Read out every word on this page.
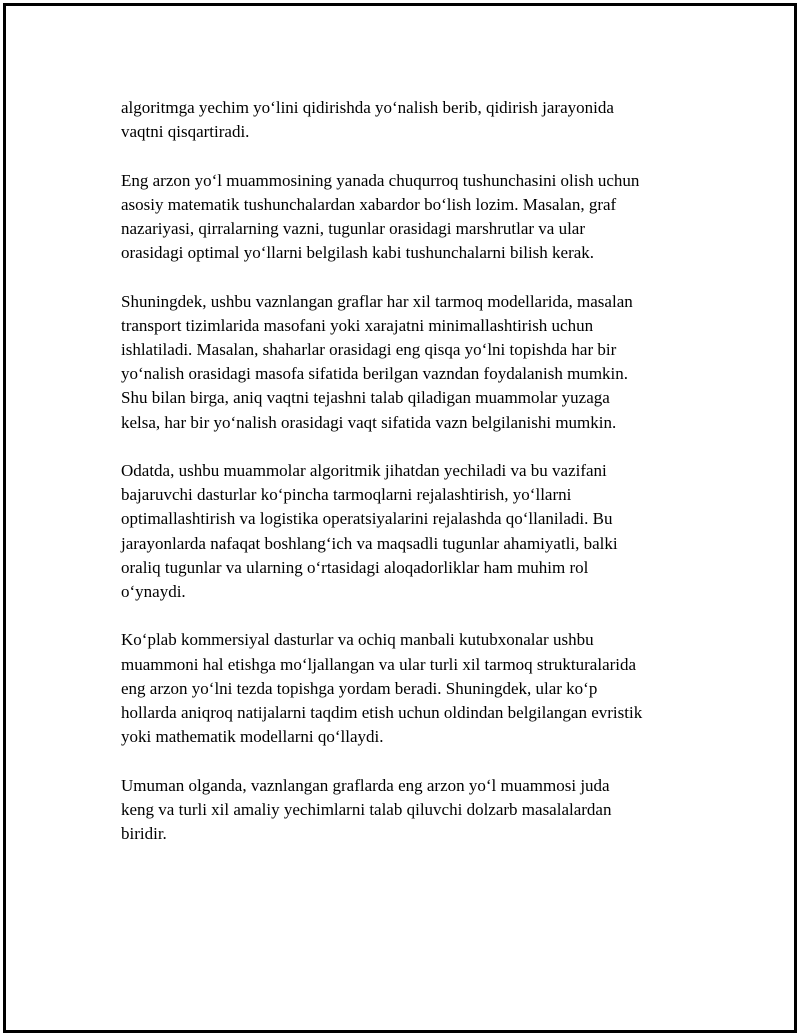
algoritmga yechim yo‘lini qidirishda yo‘nalish berib, qidirish jarayonida
vaqtni qisqartiradi.

Eng arzon yo‘l muammosining yanada chuqurroq tushunchasini olish uchun
asosiy matematik tushunchalardan xabardor bo‘lish lozim. Masalan, graf
nazariyasi, qirralarning vazni, tugunlar orasidagi marshrutlar va ular
orasidagi optimal yo‘llarni belgilash kabi tushunchalarni bilish kerak.

Shuningdek, ushbu vaznlangan graflar har xil tarmoq modellarida, masalan
transport tizimlarida masofani yoki xarajatni minimallashtirish uchun
ishlatiladi. Masalan, shaharlar orasidagi eng qisqa yo‘lni topishda har bir
yo‘nalish orasidagi masofa sifatida berilgan vazndan foydalanish mumkin.
Shu bilan birga, aniq vaqtni tejashni talab qiladigan muammolar yuzaga
kelsa, har bir yo‘nalish orasidagi vaqt sifatida vazn belgilanishi mumkin.

Odatda, ushbu muammolar algoritmik jihatdan yechiladi va bu vazifani
bajaruvchi dasturlar ko‘pincha tarmoqlarni rejalashtirish, yo‘llarni
optimallashtirish va logistika operatsiyalarini rejalashda qo‘llaniladi. Bu
jarayonlarda nafaqat boshlang‘ich va maqsadli tugunlar ahamiyatli, balki
oraliq tugunlar va ularning o‘rtasidagi aloqadorliklar ham muhim rol
o‘ynaydi.

Ko‘plab kommersiyal dasturlar va ochiq manbali kutubxonalar ushbu
muammoni hal etishga mo‘ljallangan va ular turli xil tarmoq strukturalarida
eng arzon yo‘lni tezda topishga yordam beradi. Shuningdek, ular ko‘p
hollarda aniqroq natijalarni taqdim etish uchun oldindan belgilangan evristik
yoki mathematik modellarni qo‘llaydi.

Umuman olganda, vaznlangan graflarda eng arzon yo‘l muammosi juda
keng va turli xil amaliy yechimlarni talab qiluvchi dolzarb masalalardan
biridir.
